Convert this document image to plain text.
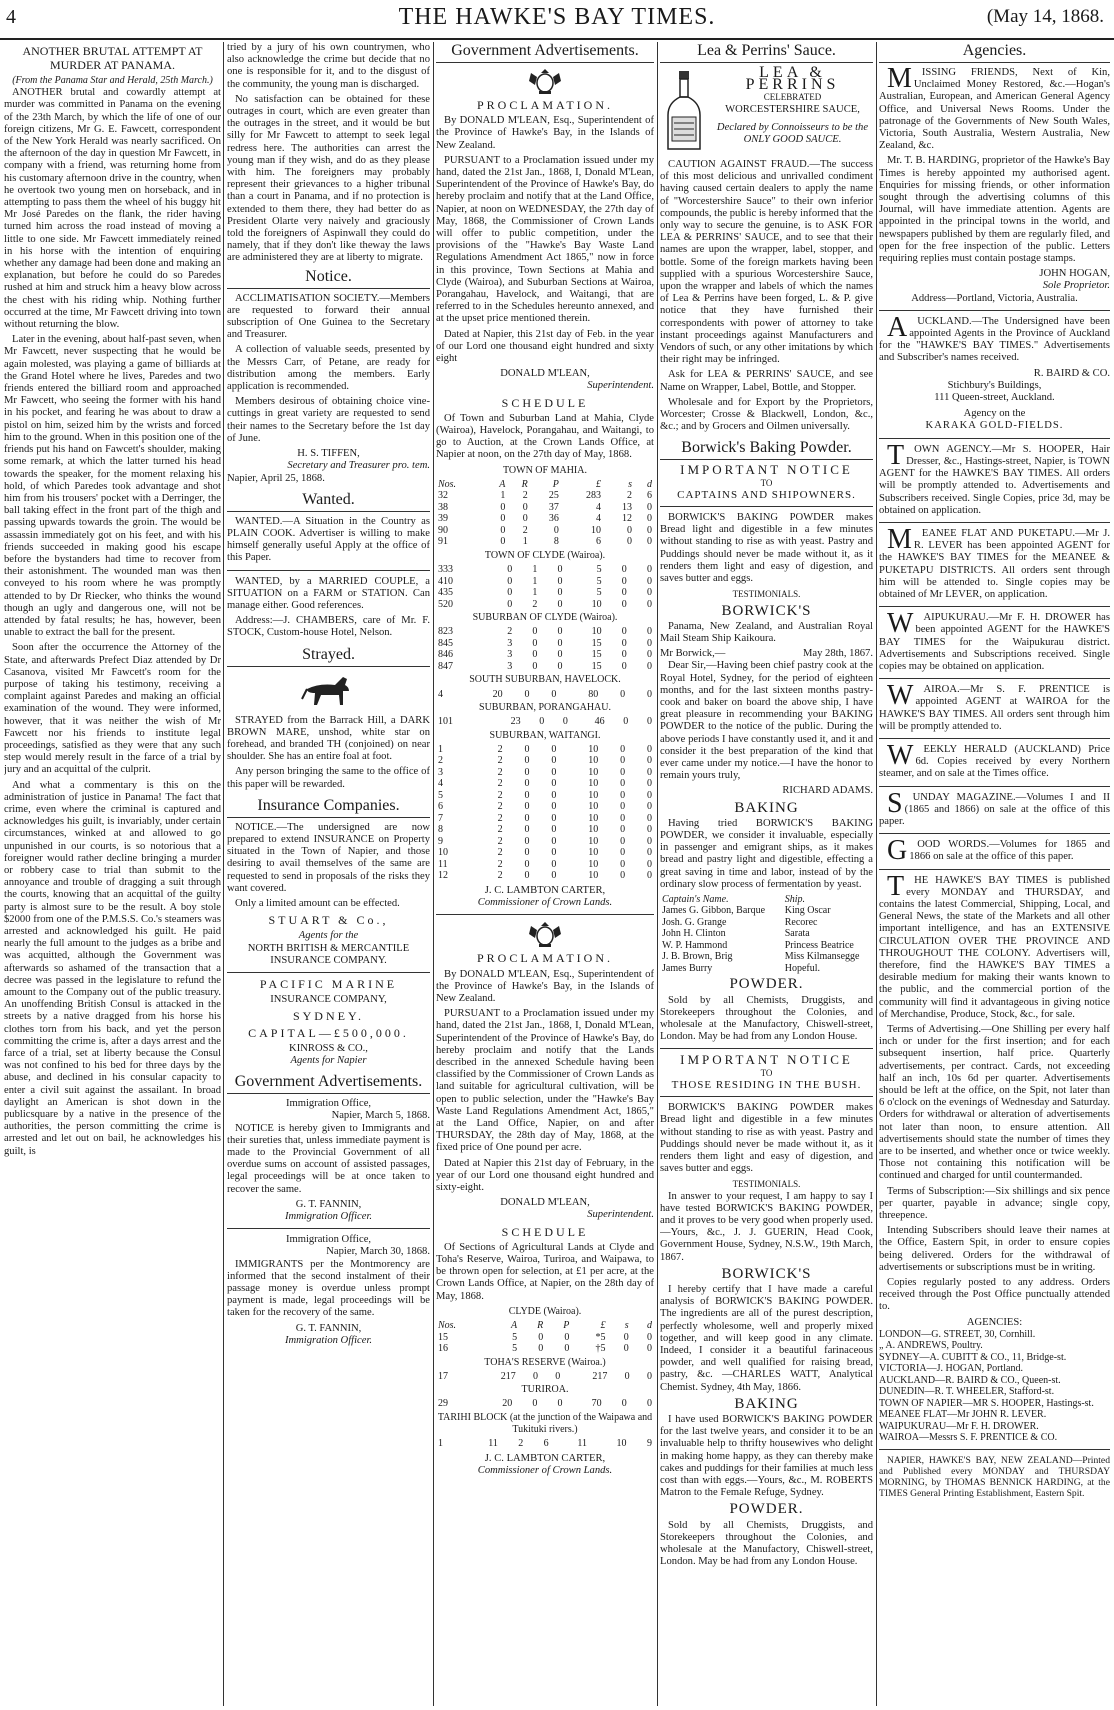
4	THE HAWKE'S BAY TIMES.	(May 14, 1868.
ANOTHER BRUTAL ATTEMPT AT MURDER AT PANAMA.
(From the Panama Star and Herald, 25th March.)

ANOTHER brutal and cowardly attempt at murder was committed in Panama on the evening of the 23th March, by which the life of one of our foreign citizens, Mr G. E. Fawcett, correspondent of the New York Herald was nearly sacrificed. On the afternoon of the day in question Mr Fawcett, in company with a friend, was returning home from his customary afternoon drive in the country, when he overtook two young men on horseback, and in attempting to pass them the wheel of his buggy hit Mr José Paredes on the flank, the rider having turned him across the road instead of moving a little to one side. Mr Fawcett immediately reined in his horse with the intention of enquiring whether any damage had been done and making an explanation, but before he could do so Paredes rushed at him and struck him a heavy blow across the chest with his riding whip. Nothing further occurred at the time, Mr Fawcett driving into town without returning the blow.

Later in the evening, about half-past seven, when Mr Fawcett, never suspecting that he would be again molested, was playing a game of billiards at the Grand Hotel where he lives, Paredes and two friends entered the billiard room and approached Mr Fawcett, who seeing the former with his hand in his pocket, and fearing he was about to draw a pistol on him, seized him by the wrists and forced him to the ground. When in this position one of the friends put his hand on Fawcett's shoulder, making some remark, at which the latter turned his head towards the speaker, for the moment relaxing his hold, of which Paredes took advantage and shot him from his trousers' pocket with a Derringer, the ball taking effect in the front part of the thigh and passing upwards towards the groin. The would be assassin immediately got on his feet, and with his friends succeeded in making good his escape before the bystanders had time to recover from their astonishment. The wounded man was then conveyed to his room where he was promptly attended to by Dr Riecker, who thinks the wound though an ugly and dangerous one, will not be attended by fatal results; he has, however, been unable to extract the ball for the present.

Soon after the occurrence the Attorney of the State, and afterwards Prefect Diaz attended by Dr Casanova, visited Mr Fawcett's room for the purpose of taking his testimony, receiving a complaint against Paredes and making an official examination of the wound. They were informed, however, that it was neither the wish of Mr Fawcett nor his friends to institute legal proceedings, satisfied as they were that any such step would merely result in the farce of a trial by jury and an acquittal of the culprit.

And what a commentary is this on the administration of justice in Panama! The fact that crime, even where the criminal is captured and acknowledges his guilt, is invariably, under certain circumstances, winked at and allowed to go unpunished in our courts, is so notorious that a foreigner would rather decline bringing a murder or robbery case to trial than submit to the annoyance and trouble of dragging a suit through the courts, knowing that an acquittal of the guilty party is almost sure to be the result. A boy stole $2000 from one of the P.M.S.S. Co.'s steamers was arrested and acknowledged his guilt. He paid nearly the full amount to the judges as a bribe and was acquitted, although the Government was afterwards so ashamed of the transaction that a decree was passed in the legislature to refund the amount to the Company out of the public treasury. An unoffending British Consul is attacked in the streets by a native dragged from his horse his clothes torn from his back, and yet the person committing the crime is, after a days arrest and the farce of a trial, set at liberty because the Consul was not confined to his bed for three days by the abuse, and declined in his consular capacity to enter a civil suit against the assailant. In broad daylight an American is shot down in the publicsquare by a native in the presence of the authorities, the person committing the crime is arrested and let out on bail, he acknowledges his guilt, is

tried by a jury of his own countrymen, who also acknowledge the crime but decide that no one is responsible for it, and to the disgust of the community, the young man is discharged.

No satisfaction can be obtained for these outrages in court, which are even greater than the outrages in the street, and it would be but silly for Mr Fawcett to attempt to seek legal redress here. The authorities can arrest the young man if they wish, and do as they please with him. The foreigners may probably represent their grievances to a higher tribunal than a court in Panama, and if no protection is extended to them there, they had better do as President Olarte very naively and graciously told the foreigners of Aspinwall they could do namely, that if they don't like theway the laws are administered they are at liberty to migrate.

Notice.

ACCLIMATISATION SOCIETY.—Members are requested to forward their annual subscription of One Guinea to the Secretary and Treasurer.

A collection of valuable seeds, presented by the Messrs Carr, of Petane, are ready for distribution among the members. Early application is recommended.

Members desirous of obtaining choice vine-cuttings in great variety are requested to send their names to the Secretary before the 1st day of June.

H. S. TIFFEN,
Secretary and Treasurer pro. tem.
Napier, April 25, 1868.
Wanted.

WANTED.—A Situation in the Country as PLAIN COOK. Advertiser is willing to make himself generally useful Apply at the office of this Paper.

WANTED, by a MARRIED COUPLE, a SITUATION on a FARM or STATION. Can manage either. Good references.

Address:—J. CHAMBERS, care of Mr. F. STOCK, Custom-house Hotel, Nelson.

Strayed.

STRAYED from the Barrack Hill, a DARK BROWN MARE, unshod, white star on forehead, and branded TH (conjoined) on near shoulder. She has an entire foal at foot.

Any person bringing the same to the office of this paper will be rewarded.

Insurance Companies.

NOTICE.—The undersigned are now prepared to extend INSURANCE on Property situated in the Town of Napier, and those desiring to avail themselves of the same are requested to send in proposals of the risks they want covered.

Only a limited amount can be effected.

STUART & Co.,
Agents for the
NORTH BRITISH & MERCANTILE INSURANCE COMPANY.
PACIFIC MARINE
INSURANCE COMPANY,
SYDNEY.
CAPITAL—£500,000.
KINROSS & CO.,
Agents for Napier
Government Advertisements.
Immigration Office,
Napier, March 5, 1868.

NOTICE is hereby given to Immigrants and their sureties that, unless immediate payment is made to the Provincial Government of all overdue sums on account of assisted passages, legal proceedings will be at once taken to recover the same.

G. T. FANNIN,
Immigration Officer.
Immigration Office,
Napier, March 30, 1868.

IMMIGRANTS per the Montmorency are informed that the second instalment of their passage money is overdue unless prompt payment is made, legal proceedings will be taken for the recovery of the same.

G. T. FANNIN,
Immigration Officer.
Government Advertisements.
PROCLAMATION.

By DONALD M'LEAN, Esq., Superintendent of the Province of Hawke's Bay, in the Islands of New Zealand.

PURSUANT to a Proclamation issued under my hand, dated the 21st Jan., 1868, I, Donald M'Lean, Superintendent of the Province of Hawke's Bay, do hereby proclaim and notify that at the Land Office, Napier, at noon on WEDNESDAY, the 27th day of May, 1868, the Commissioner of Crown Lands will offer to public competition, under the provisions of the "Hawke's Bay Waste Land Regulations Amendment Act 1865," now in force in this province, Town Sections at Mahia and Clyde (Wairoa), and Suburban Sections at Wairoa, Porangahau, Havelock, and Waitangi, that are referred to in the Schedules hereunto annexed, and at the upset price mentioned therein.

Dated at Napier, this 21st day of Feb. in the year of our Lord one thousand eight hundred and sixty eight

DONALD M'LEAN,
Superintendent.
SCHEDULE

Of Town and Suburban Land at Mahia, Clyde (Wairoa), Havelock, Porangahau, and Waitangi, to go to Auction, at the Crown Lands Office, at Napier at noon, on the 27th day of May, 1868.

TOWN OF MAHIA.
Nos.	A	R	P	£	s	d
32	1	2	25	283	2	6
38	0	0	37	4	13	0
39	0	0	36	4	12	0
90	0	2	0	10	0	0
91	0	1	8	6	0	0
TOWN OF CLYDE (Wairoa).
333	0	1	0	5	0	0
410	0	1	0	5	0	0
435	0	1	0	5	0	0
520	0	2	0	10	0	0
SUBURBAN OF CLYDE (Wairoa).
823	2	0	0	10	0	0
845	3	0	0	15	0	0
846	3	0	0	15	0	0
847	3	0	0	15	0	0
SOUTH SUBURBAN, HAVELOCK.
4	20	0	0	80	0	0
SUBURBAN, PORANGAHAU.
101	23	0	0	46	0	0
SUBURBAN, WAITANGI.
1	2	0	0	10	0	0
2	2	0	0	10	0	0
3	2	0	0	10	0	0
4	2	0	0	10	0	0
5	2	0	0	10	0	0
6	2	0	0	10	0	0
7	2	0	0	10	0	0
8	2	0	0	10	0	0
9	2	0	0	10	0	0
10	2	0	0	10	0	0
11	2	0	0	10	0	0
12	2	0	0	10	0	0
J. C. LAMBTON CARTER,
Commissioner of Crown Lands.
PROCLAMATION.

By DONALD M'LEAN, Esq., Superintendent of the Province of Hawke's Bay, in the Islands of New Zealand.

PURSUANT to a Proclamation issued under my hand, dated the 21st Jan., 1868, I, Donald M'Lean, Superintendent of the Province of Hawke's Bay, do hereby proclaim and notify that the Lands described in the annexed Schedule having been classified by the Commissioner of Crown Lands as land suitable for agricultural cultivation, will be open to public selection, under the "Hawke's Bay Waste Land Regulations Amendment Act, 1865," at the Land Office, Napier, on and after THURSDAY, the 28th day of May, 1868, at the fixed price of One pound per acre.

Dated at Napier this 21st day of February, in the year of our Lord one thousand eight hundred and sixty-eight.

DONALD M'LEAN,
Superintendent.
SCHEDULE

Of Sections of Agricultural Lands at Clyde and Toha's Reserve, Wairoa, Turiroa, and Waipawa, to be thrown open for selection, at £1 per acre, at the Crown Lands Office, at Napier, on the 28th day of May, 1868.

CLYDE (Wairoa).
Nos.	A	R	P	£	s	d
15	5	0	0	*5	0	0
16	5	0	0	†5	0	0
TOHA'S RESERVE (Wairoa.)
17	217	0	0	217	0	0
TURIROA.
29	20	0	0	70	0	0
TARIHI BLOCK (at the junction of the Waipawa and Tukituki rivers.)
1	11	2	6	11	10	9
J. C. LAMBTON CARTER,
Commissioner of Crown Lands.
Lea & Perrins' Sauce.
LEA & PERRINS
CELEBRATED
WORCESTERSHIRE SAUCE,
Declared by Connoisseurs to be the ONLY GOOD SAUCE.

CAUTION AGAINST FRAUD.—The success of this most delicious and unrivalled condiment having caused certain dealers to apply the name of "Worcestershire Sauce" to their own inferior compounds, the public is hereby informed that the only way to secure the genuine, is to ASK FOR LEA & PERRINS' SAUCE, and to see that their names are upon the wrapper, label, stopper, and bottle. Some of the foreign markets having been supplied with a spurious Worcestershire Sauce, upon the wrapper and labels of which the names of Lea & Perrins have been forged, L. & P. give notice that they have furnished their correspondents with power of attorney to take instant proceedings against Manufacturers and Vendors of such, or any other imitations by which their right may be infringed.

Ask for LEA & PERRINS' SAUCE, and see Name on Wrapper, Label, Bottle, and Stopper.

Wholesale and for Export by the Proprietors, Worcester; Crosse & Blackwell, London, &c., &c.; and by Grocers and Oilmen universally.

Borwick's Baking Powder.
IMPORTANT NOTICE
TO
CAPTAINS AND SHIPOWNERS.

BORWICK'S BAKING POWDER makes Bread light and digestible in a few minutes without standing to rise as with yeast. Pastry and Puddings should never be made without it, as it renders them light and easy of digestion, and saves butter and eggs.

TESTIMONIALS.
BORWICK'S

Panama, New Zealand, and Australian Royal Mail Steam Ship Kaikoura.

Mr Borwick,—	May 28th, 1867.

Dear Sir,—Having been chief pastry cook at the Royal Hotel, Sydney, for the period of eighteen months, and for the last sixteen months pastry-cook and baker on board the above ship, I have great pleasure in recommending your BAKING POWDER to the notice of the public. During the above periods I have constantly used it, and it and consider it the best preparation of the kind that ever came under my notice.—I have the honor to remain yours truly,

RICHARD ADAMS.
BAKING

Having tried BORWICK'S BAKING POWDER, we consider it invaluable, especially in passenger and emigrant ships, as it makes bread and pastry light and digestible, effecting a great saving in time and labor, instead of by the ordinary slow process of fermentation by yeast.

Captain's Name.	Ship.
James G. Gibbon, Barque	King Oscar
Josh. G. Grange	Recorec
John H. Clinton	Sarata
W. P. Hammond	Princess Beatrice
J. B. Brown, Brig	Miss Kilmansegge
James Burry	Hopeful.
POWDER.

Sold by all Chemists, Druggists, and Storekeepers throughout the Colonies, and wholesale at the Manufactory, Chiswell-street, London. May be had from any London House.

IMPORTANT NOTICE
TO
THOSE RESIDING IN THE BUSH.

BORWICK'S BAKING POWDER makes Bread light and digestible in a few minutes without standing to rise as with yeast. Pastry and Puddings should never be made without it, as it renders them light and easy of digestion, and saves butter and eggs.

TESTIMONIALS.

In answer to your request, I am happy to say I have tested BORWICK'S BAKING POWDER, and it proves to be very good when properly used.—Yours, &c., J. J. GUERIN, Head Cook, Government House, Sydney, N.S.W., 19th March, 1867.

BORWICK'S

I hereby certify that I have made a careful analysis of BORWICK'S BAKING POWDER. The ingredients are all of the purest description, perfectly wholesome, well and properly mixed together, and will keep good in any climate. Indeed, I consider it a beautiful farinaceous powder, and well qualified for raising bread, pastry, &c. —CHARLES WATT, Analytical Chemist. Sydney, 4th May, 1866.

BAKING

I have used BORWICK'S BAKING POWDER for the last twelve years, and consider it to be an invaluable help to thrifty housewives who delight in making home happy, as they can thereby make cakes and puddings for their families at much less cost than with eggs.—Yours, &c., M. ROBERTS Matron to the Female Refuge, Sydney.

POWDER.

Sold by all Chemists, Druggists, and Storekeepers throughout the Colonies, and wholesale at the Manufactory, Chiswell-street, London. May be had from any London House.

Agencies.

MISSING FRIENDS, Next of Kin, Unclaimed Money Restored, &c.—Hogan's Australian, European, and American General Agency Office, and Universal News Rooms. Under the patronage of the Governments of New South Wales, Victoria, South Australia, Western Australia, New Zealand, &c.

Mr. T. B. HARDING, proprietor of the Hawke's Bay Times is hereby appointed my authorised agent. Enquiries for missing friends, or other information sought through the advertising columns of this Journal, will have immediate attention. Agents are appointed in the principal towns in the world, and newspapers published by them are regularly filed, and open for the free inspection of the public. Letters requiring replies must contain postage stamps.

JOHN HOGAN,
Sole Proprietor.
Address—Portland, Victoria, Australia.

AUCKLAND.—The Undersigned have been appointed Agents in the Province of Auckland for the "HAWKE'S BAY TIMES." Advertisements and Subscriber's names received.

R. BAIRD & CO.
Stichbury's Buildings,
111 Queen-street, Auckland.
Agency on the
KARAKA GOLD-FIELDS.

TOWN AGENCY.—Mr S. HOOPER, Hair Dresser, &c., Hastings-street, Napier, is TOWN AGENT for the HAWKE'S BAY TIMES. All orders will be promptly attended to. Advertisements and Subscribers received. Single Copies, price 3d, may be obtained on application.

MEANEE FLAT AND PUKETAPU.—Mr J. R. LEVER has been appointed AGENT for the HAWKE'S BAY TIMES for the MEANEE & PUKETAPU DISTRICTS. All orders sent through him will be attended to. Single copies may be obtained of Mr LEVER, on application.

WAIPUKURAU.—Mr F. H. DROWER has been appointed AGENT for the HAWKE'S BAY TIMES for the Waipukurau district. Advertisements and Subscriptions received. Single copies may be obtained on application.

WAIROA.—Mr S. F. PRENTICE is appointed AGENT at WAIROA for the HAWKE'S BAY TIMES. All orders sent through him will be promptly attended to.

WEEKLY HERALD (AUCKLAND) Price 6d. Copies received by every Northern steamer, and on sale at the Times office.

SUNDAY MAGAZINE.—Volumes I and II (1865 and 1866) on sale at the office of this paper.

GOOD WORDS.—Volumes for 1865 and 1866 on sale at the office of this paper.

THE HAWKE'S BAY TIMES is published every MONDAY and THURSDAY, and contains the latest Commercial, Shipping, Local, and General News, the state of the Markets and all other important intelligence, and has an EXTENSIVE CIRCULATION OVER THE PROVINCE AND THROUGHOUT THE COLONY. Advertisers will, therefore, find the HAWKE'S BAY TIMES a desirable medium for making their wants known to the public, and the commercial portion of the community will find it advantageous in giving notice of Merchandise, Produce, Stock, &c., for sale.

Terms of Advertising.—One Shilling per every half inch or under for the first insertion; and for each subsequent insertion, half price. Quarterly advertisements, per contract. Cards, not exceeding half an inch, 10s 6d per quarter. Advertisements should be left at the office, on the Spit, not later than 6 o'clock on the evenings of Wednesday and Saturday. Orders for withdrawal or alteration of advertisements not later than noon, to ensure attention. All advertisements should state the number of times they are to be inserted, and whether once or twice weekly. Those not containing this notification will be continued and charged for until countermanded.

Terms of Subscription:—Six shillings and six pence per quarter, payable in advance; single copy, threepence.

Intending Subscribers should leave their names at the Office, Eastern Spit, in order to ensure copies being delivered. Orders for the withdrawal of advertisements or subscriptions must be in writing.

Copies regularly posted to any address. Orders received through the Post Office punctually attended to.

AGENCIES:
LONDON—G. STREET, 30, Cornhill.
„ A. ANDREWS, Poultry.
SYDNEY—A. CUBITT & CO., 11, Bridge-st.
VICTORIA—J. HOGAN, Portland.
AUCKLAND—R. BAIRD & CO., Queen-st.
DUNEDIN—R. T. WHEELER, Stafford-st.
TOWN OF NAPIER—MR S. HOOPER, Hastings-st.
MEANEE FLAT—Mr JOHN R. LEVER.
WAIPUKURAU—Mr F. H. DROWER.
WAIROA—Messrs S. F. PRENTICE & CO.

NAPIER, HAWKE'S BAY, NEW ZEALAND—Printed and Published every MONDAY and THURSDAY MORNING, by THOMAS BENNICK HARDING, at the TIMES General Printing Establishment, Eastern Spit.
